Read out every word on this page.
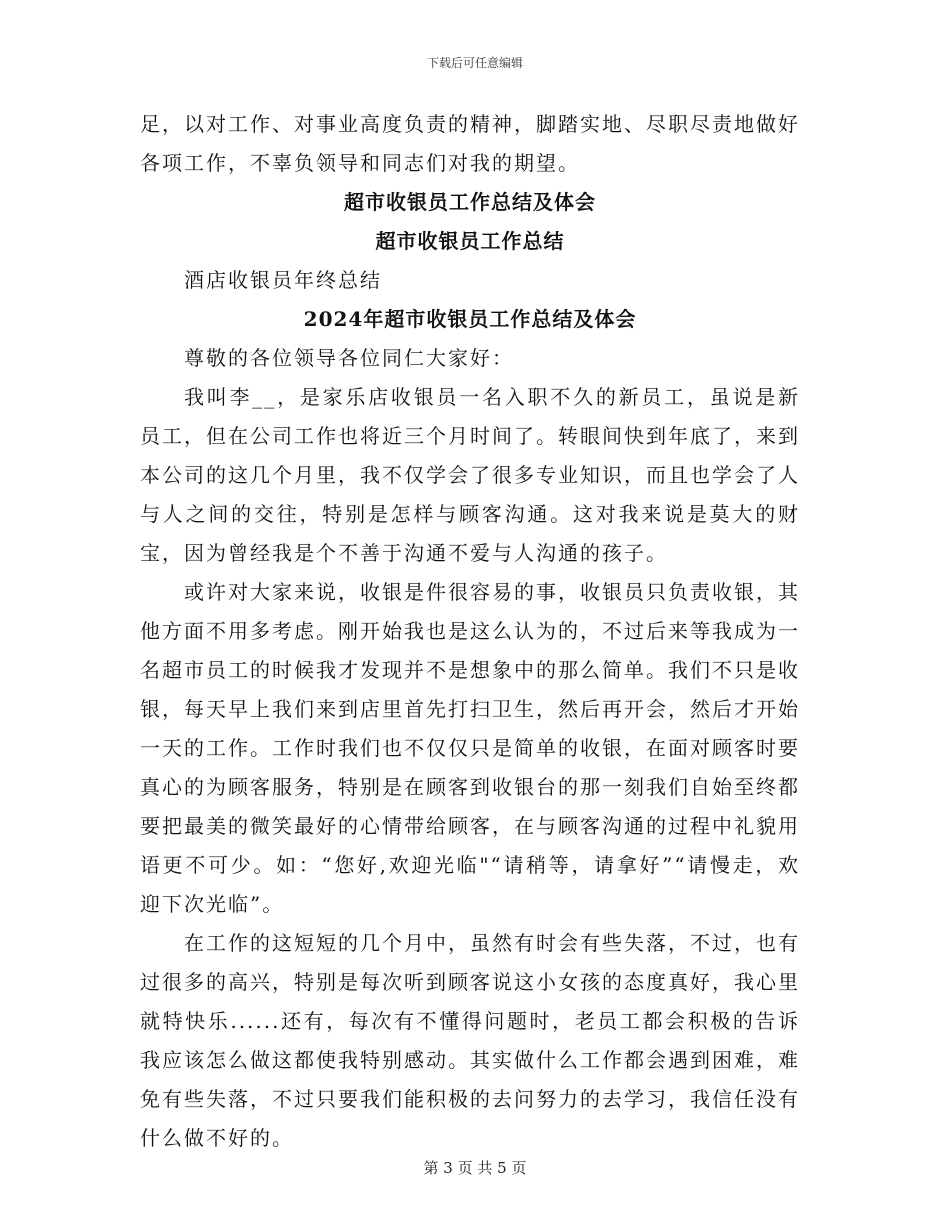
下载后可任意编辑

足，以对工作、对事业高度负责的精神，脚踏实地、尽职尽责地做好各项工作，不辜负领导和同志们对我的期望。

超市收银员工作总结及体会

超市收银员工作总结

酒店收银员年终总结

2024年超市收银员工作总结及体会

尊敬的各位领导各位同仁大家好：

我叫李__，是家乐店收银员一名入职不久的新员工，虽说是新员工，但在公司工作也将近三个月时间了。转眼间快到年底了，来到本公司的这几个月里，我不仅学会了很多专业知识，而且也学会了人与人之间的交往，特别是怎样与顾客沟通。这对我来说是莫大的财宝，因为曾经我是个不善于沟通不爱与人沟通的孩子。

或许对大家来说，收银是件很容易的事，收银员只负责收银，其他方面不用多考虑。刚开始我也是这么认为的，不过后来等我成为一名超市员工的时候我才发现并不是想象中的那么简单。我们不只是收银，每天早上我们来到店里首先打扫卫生，然后再开会，然后才开始一天的工作。工作时我们也不仅仅只是简单的收银，在面对顾客时要真心的为顾客服务，特别是在顾客到收银台的那一刻我们自始至终都要把最美的微笑最好的心情带给顾客，在与顾客沟通的过程中礼貌用语更不可少。如：“您好,欢迎光临"“请稍等，请拿好”“请慢走，欢迎下次光临”。

在工作的这短短的几个月中，虽然有时会有些失落，不过，也有过很多的高兴，特别是每次听到顾客说这小女孩的态度真好，我心里就特快乐......还有，每次有不懂得问题时，老员工都会积极的告诉我应该怎么做这都使我特别感动。其实做什么工作都会遇到困难，难免有些失落，不过只要我们能积极的去问努力的去学习，我信任没有什么做不好的。

第 3 页 共 5 页
